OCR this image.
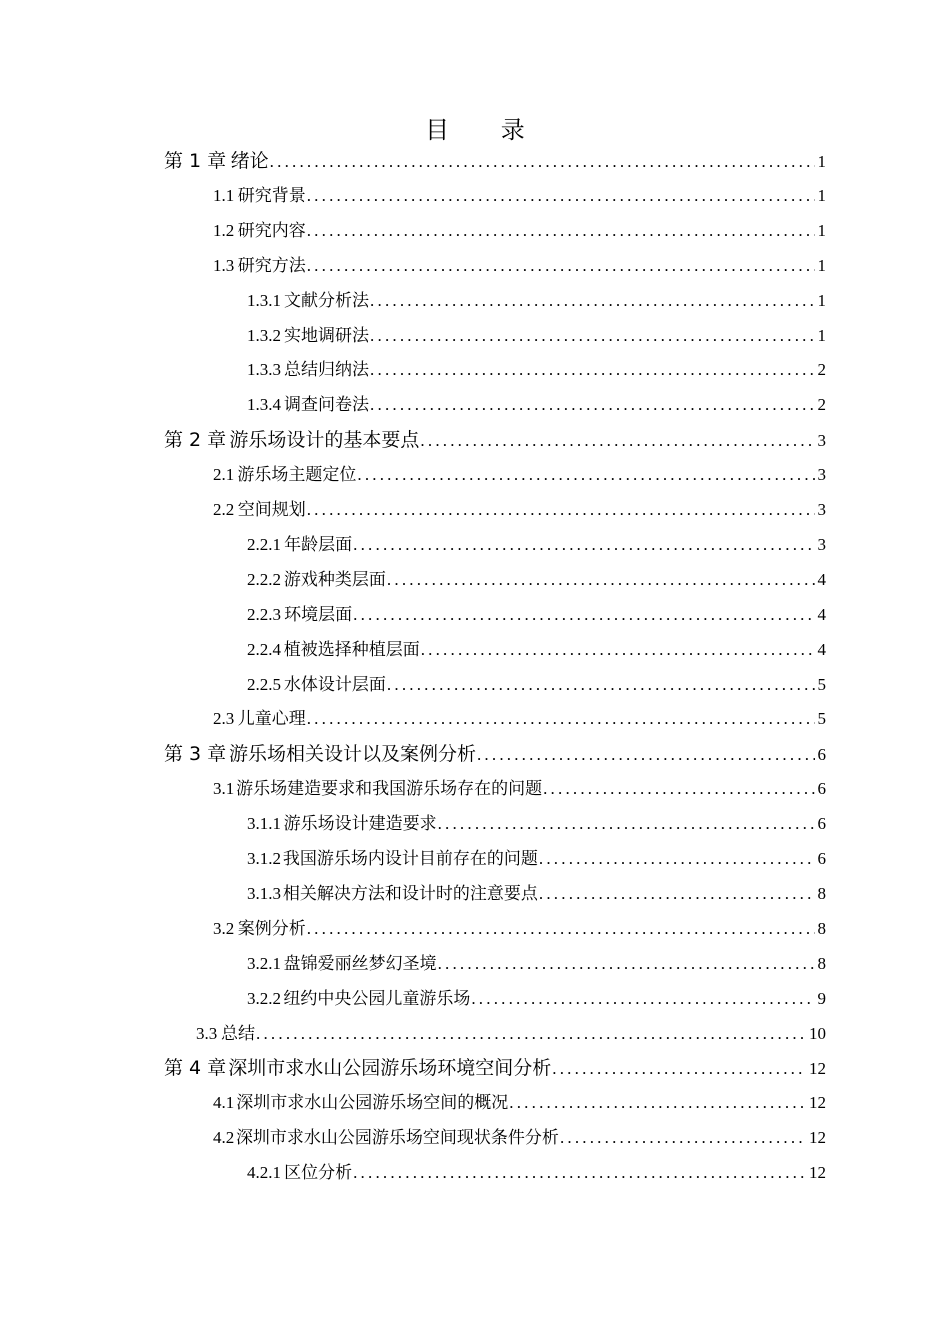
目 录
第 1 章 绪论 .....	1
1.1 研究背景 .....	1
1.2 研究内容 .....	1
1.3 研究方法 .....	1
1.3.1 文献分析法 .....	1
1.3.2 实地调研法 .....	1
1.3.3 总结归纳法 .....	2
1.3.4 调查问卷法 .....	2
第 2 章 游乐场设计的基本要点 .....	3
2.1 游乐场主题定位 .....	3
2.2 空间规划 .....	3
2.2.1 年龄层面 .....	3
2.2.2 游戏种类层面 .....	4
2.2.3 环境层面 .....	4
2.2.4 植被选择种植层面 .....	4
2.2.5 水体设计层面 .....	5
2.3 儿童心理 .....	5
第 3 章 游乐场相关设计以及案例分析 .....	6
3.1 游乐场建造要求和我国游乐场存在的问题 .....	6
3.1.1 游乐场设计建造要求 .....	6
3.1.2 我国游乐场内设计目前存在的问题 .....	6
3.1.3 相关解决方法和设计时的注意要点 .....	8
3.2 案例分析 .....	8
3.2.1 盘锦爱丽丝梦幻圣境 .....	8
3.2.2 纽约中央公园儿童游乐场 .....	9
3.3 总结 .....	10
第 4 章 深圳市求水山公园游乐场环境空间分析 .....	12
4.1 深圳市求水山公园游乐场空间的概况 .....	12
4.2 深圳市求水山公园游乐场空间现状条件分析 .....	12
4.2.1 区位分析 .....	12
